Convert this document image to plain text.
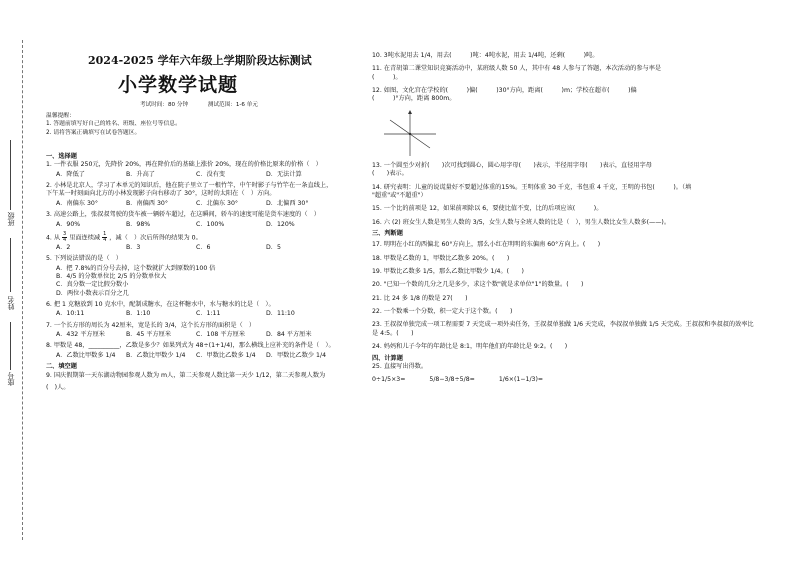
班级
姓名
座号
2024-2025 学年六年级上学期阶段达标测试
小学数学试题
考试时间：80 分钟	测试范围：1-6 单元
温馨提醒：
1. 答题前填写好自己的姓名、班级、座位号等信息。
2. 请将答案正确填写在试卷答题区。
一、选择题

1. 一件衣服 250元，先降价 20%，再在降价后的基础上涨价 20%，现在的价格比原来的价格（　）

A．降低了	B．升高了	C．没有变	D．无法计算

2. 小林是北京人，学习了本单元的知识后，他在院子里立了一根竹竿，中午时影子与竹竿在一条直线上，

下午某一时刻面向北方的小林发现影子向右移动了 30°，这时的太阳在（　）方向。

A．南偏东 30°	B．南偏西 30°	C．北偏东 30°	D．北偏西 30°

3. 高速公路上，张叔叔驾驶的货车被一辆轿车超过，在这瞬间，轿车的速度可能是货车速度的（　）

A．90%	B．98%	C．100%	D．120%

4. 从 $\frac{3}{4}$ 里面连续减 $\frac{1}{4}$ ，减（　）次后所得的结果为 0。

A．2	B．3	C．6	D．5

5. 下列说法错误的是（　）

A．把 7.8%的百分号去掉，这个数就扩大到原数的100 倍
B．4/5 的分数单位比 2/5 的分数单位大
C．真分数一定比假分数小
D．两位小数表示百分之几

6. 把 1 克糖放到 10 克水中，配制成糖水，在这杯糖水中，水与糖水的比是（　）。

A．10:11	B．1:10	C．1:11	D．11:10

7. 一个长方形的周长为 42厘米，宽是长的 3/4，这个长方形的面积是（　）

A．432 平方厘米	B．45 平方厘米	C．108 平方厘米	D．84 平方厘米

8. 甲数是 48，__________，乙数是多少？如果列式为 48÷(1+1/4)，那么横线上应补充的条件是（　）。

A．乙数比甲数多 1/4	B．乙数比甲数少 1/4	C．甲数比乙数多 1/4	D．甲数比乙数少 1/4
二、填空题

9. 国庆假期第一天东湖动物园参观人数为 m人，第二天参观人数比第一天少 1/12，第二天参观人数为

(　)人。

10. 3吨水泥用去 1/4，用去(　　　)吨：4吨水泥，用去 1/4吨，还剩(　　　)吨。

11. 在青胡第二课堂知识竞赛活动中，某班级人数 50 人，其中有 48 人参与了答题，本次活动的参与率是

(　　　)。

12. 如图，文化宫在学校的(　　　)偏(　　　)30°方向，距离(　　　)m；学校在超市(　　　)偏

(　　　)°方向，距离 800m。

13. 一个圆至少对折(　　)次可找到圆心，圆心用字母(　　)表示，半径用字母(　　)表示，直径用字母

(　　)表示。

14. 研究表明：儿童的说谎量好不要超过体重的15%。王明体重 30 千克，书包重 4 千克，王明的书包(　　　)。（填

"超重"或"不超重"）

15. 一个比的前项是 12，如果前项除以 6，要使比值不变，比的后项应该(　　　)。

16. 六 (2) 班女生人数是男生人数的 3/5，女生人数与全班人数的比是（　），男生人数比女生人数多(——)。

三、判断题

17. 明明在小红的西偏北 60°方向上，那么小红在明明的东偏南 60°方向上。(　　)

18. 甲数是乙数的 1，甲数比乙数多 20%。(　　)

19. 甲数比乙数多 1/5，那么乙数比甲数少 1/4。(　　)

20. "已知一个数的几分之几是多少，求这个数"就是求单位"1"的数量。(　　)

21. 比 24 多 1/8 的数是 27(　　)

22. 一个数乘一个分数，积一定大于这个数。(　　)

23. 王叔叔单独完成一项工程需要 7 天完成一项外卖任务，王叔叔单独做 1/6 天完成，李叔叔单独做 1/5 天完成。王叔叔和李叔叔的效率比

是 4:5。(　　)

24. 妈妈和儿子今年的年龄比是 8:1，明年他们的年龄比是 9:2。(　　)

四、计算题

25. 直接写出得数。

0÷1/5×3=	5/8−3/8÷5/8=	1/6×(1−1/3)=
